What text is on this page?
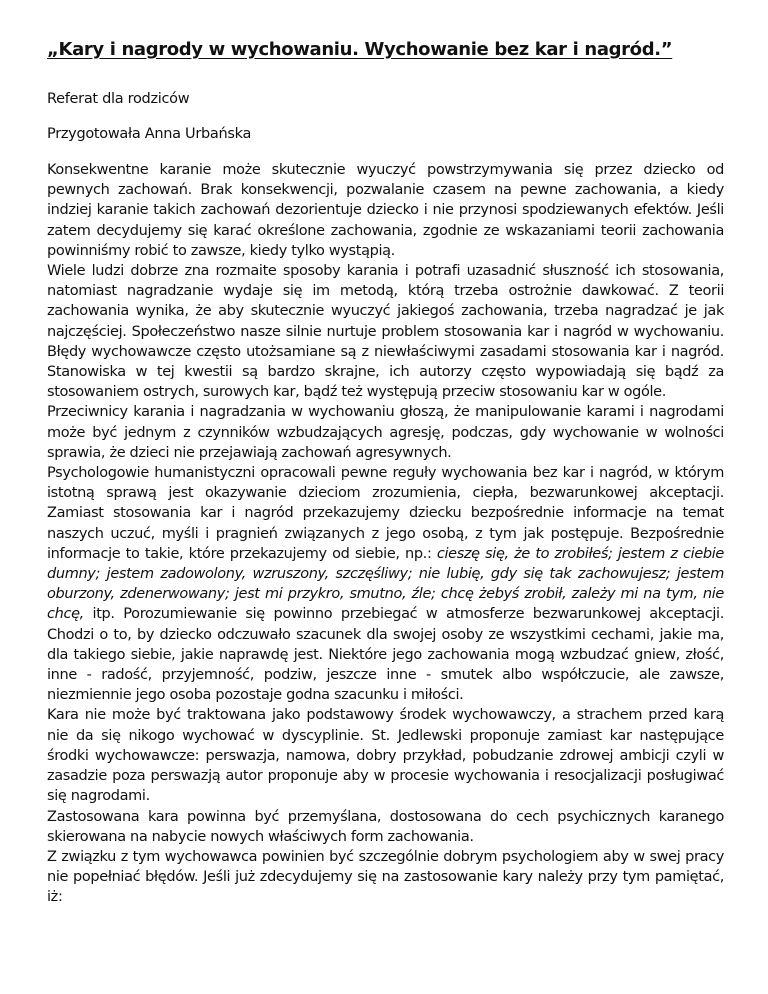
„Kary i nagrody w wychowaniu. Wychowanie bez kar i nagród.”

Referat dla rodziców

Przygotowała Anna Urbańska

Konsekwentne karanie może skutecznie wyuczyć powstrzymywania się przez dziecko od pewnych zachowań. Brak konsekwencji, pozwalanie czasem na pewne zachowania, a kiedy indziej karanie takich zachowań dezorientuje dziecko i nie przynosi spodziewanych efektów. Jeśli zatem decydujemy się karać określone zachowania, zgodnie ze wskazaniami teorii zachowania powinniśmy robić to zawsze, kiedy tylko wystąpią.

Wiele ludzi dobrze zna rozmaite sposoby karania i potrafi uzasadnić słuszność ich stosowania, natomiast nagradzanie wydaje się im metodą, którą trzeba ostrożnie dawkować. Z teorii zachowania wynika, że aby skutecznie wyuczyć jakiegoś zachowania, trzeba nagradzać je jak najczęściej. Społeczeństwo nasze silnie nurtuje problem stosowania kar i nagród w wychowaniu. Błędy wychowawcze często utożsamiane są z niewłaściwymi zasadami stosowania kar i nagród. Stanowiska w tej kwestii są bardzo skrajne, ich autorzy często wypowiadają się bądź za stosowaniem ostrych, surowych kar, bądź też występują przeciw stosowaniu kar w ogóle.

Przeciwnicy karania i nagradzania w wychowaniu głoszą, że manipulowanie karami i nagrodami może być jednym z czynników wzbudzających agresję, podczas, gdy wychowanie w wolności sprawia, że dzieci nie przejawiają zachowań agresywnych.

Psychologowie humanistyczni opracowali pewne reguły wychowania bez kar i nagród, w którym istotną sprawą jest okazywanie dzieciom zrozumienia, ciepła, bezwarunkowej akceptacji. Zamiast stosowania kar i nagród przekazujemy dziecku bezpośrednie informacje na temat naszych uczuć, myśli i pragnień związanych z jego osobą, z tym jak postępuje. Bezpośrednie informacje to takie, które przekazujemy od siebie, np.: cieszę się, że to zrobiłeś; jestem z ciebie dumny; jestem zadowolony, wzruszony, szczęśliwy; nie lubię, gdy się tak zachowujesz; jestem oburzony, zdenerwowany; jest mi przykro, smutno, źle; chcę żebyś zrobił, zależy mi na tym, nie chcę, itp. Porozumiewanie się powinno przebiegać w atmosferze bezwarunkowej akceptacji. Chodzi o to, by dziecko odczuwało szacunek dla swojej osoby ze wszystkimi cechami, jakie ma, dla takiego siebie, jakie naprawdę jest. Niektóre jego zachowania mogą wzbudzać gniew, złość, inne - radość, przyjemność, podziw, jeszcze inne - smutek albo współczucie, ale zawsze, niezmiennie jego osoba pozostaje godna szacunku i miłości.

Kara nie może być traktowana jako podstawowy środek wychowawczy, a strachem przed karą nie da się nikogo wychować w dyscyplinie. St. Jedlewski proponuje zamiast kar następujące środki wychowawcze: perswazja, namowa, dobry przykład, pobudzanie zdrowej ambicji czyli w zasadzie poza perswazją autor proponuje aby w procesie wychowania i resocjalizacji posługiwać się nagrodami.

Zastosowana kara powinna być przemyślana, dostosowana do cech psychicznych karanego skierowana na nabycie nowych właściwych form zachowania.

Z związku z tym wychowawca powinien być szczególnie dobrym psychologiem aby w swej pracy nie popełniać błędów. Jeśli już zdecydujemy się na zastosowanie kary należy przy tym pamiętać, iż:
